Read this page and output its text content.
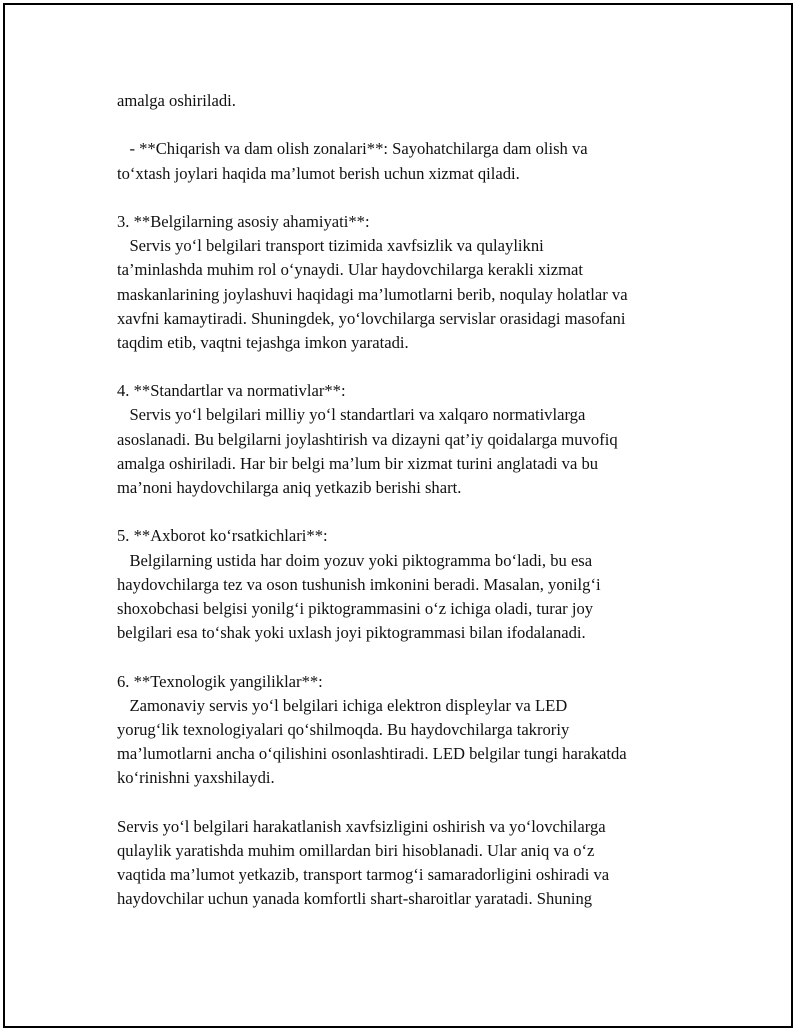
amalga oshiriladi.
- **Chiqarish va dam olish zonalari**: Sayohatchilarga dam olish va
to‘xtash joylari haqida ma’lumot berish uchun xizmat qiladi.
3. **Belgilarning asosiy ahamiyati**:
Servis yo‘l belgilari transport tizimida xavfsizlik va qulaylikni
ta’minlashda muhim rol o‘ynaydi. Ular haydovchilarga kerakli xizmat
maskanlarining joylashuvi haqidagi ma’lumotlarni berib, noqulay holatlar va
xavfni kamaytiradi. Shuningdek, yo‘lovchilarga servislar orasidagi masofani
taqdim etib, vaqtni tejashga imkon yaratadi.
4. **Standartlar va normativlar**:
Servis yo‘l belgilari milliy yo‘l standartlari va xalqaro normativlarga
asoslanadi. Bu belgilarni joylashtirish va dizayni qat’iy qoidalarga muvofiq
amalga oshiriladi. Har bir belgi ma’lum bir xizmat turini anglatadi va bu
ma’noni haydovchilarga aniq yetkazib berishi shart.
5. **Axborot ko‘rsatkichlari**:
Belgilarning ustida har doim yozuv yoki piktogramma bo‘ladi, bu esa
haydovchilarga tez va oson tushunish imkonini beradi. Masalan, yonilg‘i
shoxobchasi belgisi yonilg‘i piktogrammasini o‘z ichiga oladi, turar joy
belgilari esa to‘shak yoki uxlash joyi piktogrammasi bilan ifodalanadi.
6. **Texnologik yangiliklar**:
Zamonaviy servis yo‘l belgilari ichiga elektron displeylar va LED
yorug‘lik texnologiyalari qo‘shilmoqda. Bu haydovchilarga takroriy
ma’lumotlarni ancha o‘qilishini osonlashtiradi. LED belgilar tungi harakatda
ko‘rinishni yaxshilaydi.
Servis yo‘l belgilari harakatlanish xavfsizligini oshirish va yo‘lovchilarga
qulaylik yaratishda muhim omillardan biri hisoblanadi. Ular aniq va o‘z
vaqtida ma’lumot yetkazib, transport tarmog‘i samaradorligini oshiradi va
haydovchilar uchun yanada komfortli shart-sharoitlar yaratadi. Shuning
